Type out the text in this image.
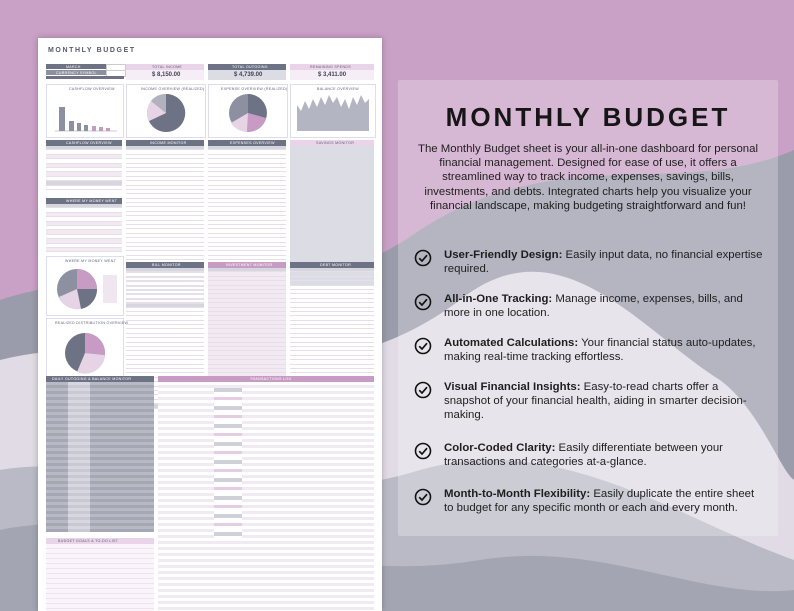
MONTHLY BUDGET
MARCH
CURRENCY SYMBOL
TOTAL INCOME
$ 8,150.00
TOTAL OUTGOING
$ 4,739.00
REMAINING SPENDS
$ 3,411.00
CASHFLOW OVERVIEW	INCOME OVERVIEW (REALIZED)	EXPENSE OVERVIEW (REALIZED)	BALANCE OVERVIEW
CASHFLOW OVERVIEW
WHERE MY MONEY WENT
INCOME MONITOR	EXPENSES OVERVIEW	SAVINGS MONITOR
WHERE MY MONEY WENT
REALIZED DISTRIBUTION OVERVIEW
BILL MONITOR	INVESTMENT MONITOR	DEBT MONITOR
DAILY OUTGOING & BALANCE MONITOR	TRANSACTIONS LOG
BUDGET GOALS & TO-DO LIST
MONTHLY BUDGET

The Monthly Budget sheet is your all-in-one dashboard for personal financial management. Designed for ease of use, it offers a streamlined way to track income, expenses, savings, bills, investments, and debts. Integrated charts help you visualize your financial landscape, making budgeting straightforward and fun!

User-Friendly Design: Easily input data, no financial expertise required.

All-in-One Tracking: Manage income, expenses, bills, and more in one location.

Automated Calculations: Your financial status auto-updates, making real-time tracking effortless.

Visual Financial Insights: Easy-to-read charts offer a snapshot of your financial health, aiding in smarter decision-making.

Color-Coded Clarity: Easily differentiate between your transactions and categories at-a-glance.

Month-to-Month Flexibility: Easily duplicate the entire sheet to budget for any specific month or each and every month.
